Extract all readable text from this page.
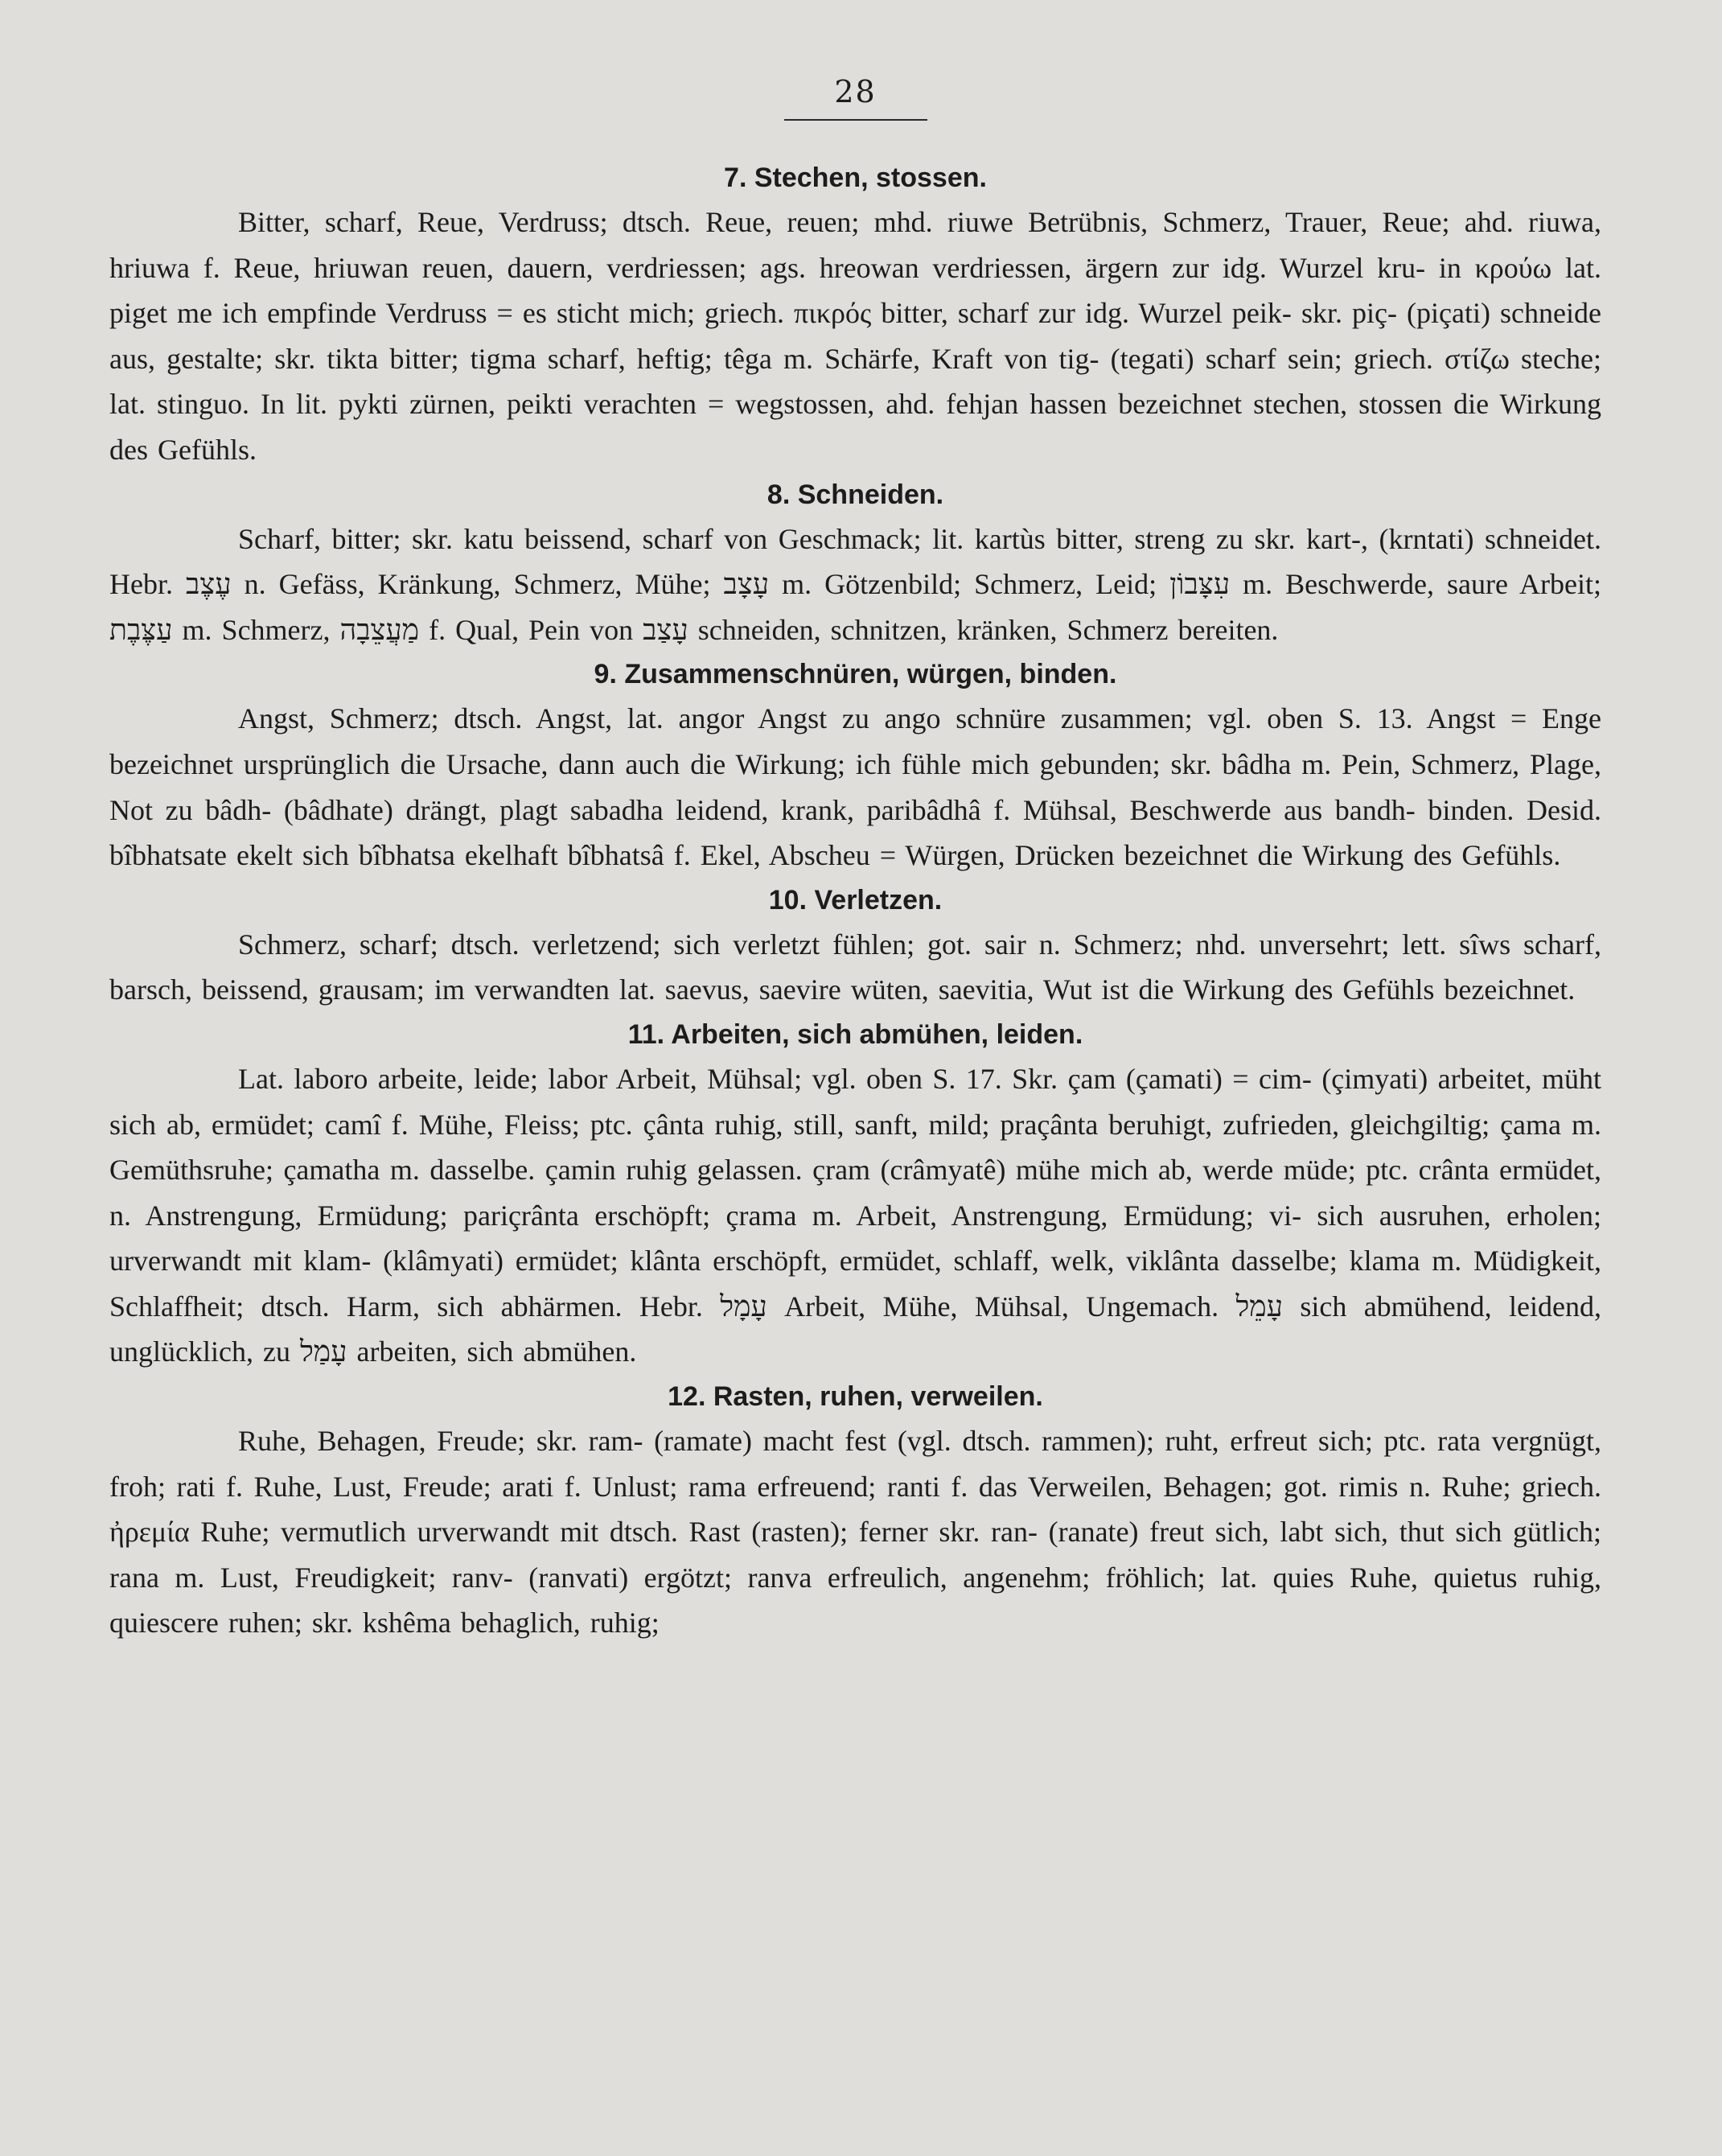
28
7. Stechen, stossen.

Bitter, scharf, Reue, Verdruss; dtsch. Reue, reuen; mhd. riuwe Betrübnis, Schmerz, Trauer, Reue; ahd. riuwa, hriuwa f. Reue, hriuwan reuen, dauern, verdriessen; ags. hreowan verdriessen, ärgern zur idg. Wurzel kru- in κρούω lat. piget me ich empfinde Verdruss = es sticht mich; griech. πικρός bitter, scharf zur idg. Wurzel peik- skr. piç- (piçati) schneide aus, gestalte; skr. tikta bitter; tigma scharf, heftig; têga m. Schärfe, Kraft von tig- (tegati) scharf sein; griech. στίζω steche; lat. stinguo. In lit. pykti zürnen, peikti verachten = wegstossen, ahd. fehjan hassen bezeichnet stechen, stossen die Wirkung des Gefühls.

8. Schneiden.

Scharf, bitter; skr. katu beissend, scharf von Geschmack; lit. kartùs bitter, streng zu skr. kart-, (krntati) schneidet. Hebr. עֶצֶב n. Gefäss, Kränkung, Schmerz, Mühe; עָצָב m. Götzenbild; Schmerz, Leid; עִצָּבוֹן m. Beschwerde, saure Arbeit; עַצֶּבֶת m. Schmerz, מַעֲצֵבָה f. Qual, Pein von עָצַב schneiden, schnitzen, kränken, Schmerz bereiten.

9. Zusammenschnüren, würgen, binden.

Angst, Schmerz; dtsch. Angst, lat. angor Angst zu ango schnüre zusammen; vgl. oben S. 13. Angst = Enge bezeichnet ursprünglich die Ursache, dann auch die Wirkung; ich fühle mich gebunden; skr. bâdha m. Pein, Schmerz, Plage, Not zu bâdh- (bâdhate) drängt, plagt sabadha leidend, krank, paribâdhâ f. Mühsal, Beschwerde aus bandh- binden. Desid. bîbhatsate ekelt sich bîbhatsa ekelhaft bîbhatsâ f. Ekel, Abscheu = Würgen, Drücken bezeichnet die Wirkung des Gefühls.

10. Verletzen.

Schmerz, scharf; dtsch. verletzend; sich verletzt fühlen; got. sair n. Schmerz; nhd. unversehrt; lett. sîws scharf, barsch, beissend, grausam; im verwandten lat. saevus, saevire wüten, saevitia, Wut ist die Wirkung des Gefühls bezeichnet.

11. Arbeiten, sich abmühen, leiden.

Lat. laboro arbeite, leide; labor Arbeit, Mühsal; vgl. oben S. 17. Skr. çam (çamati) = cim- (çimyati) arbeitet, müht sich ab, ermüdet; camî f. Mühe, Fleiss; ptc. çânta ruhig, still, sanft, mild; praçânta beruhigt, zufrieden, gleichgiltig; çama m. Gemüthsruhe; çamatha m. dasselbe. çamin ruhig gelassen. çram (crâmyatê) mühe mich ab, werde müde; ptc. crânta ermüdet, n. Anstrengung, Ermüdung; pariçrânta erschöpft; çrama m. Arbeit, Anstrengung, Ermüdung; vi- sich ausruhen, erholen; urverwandt mit klam- (klâmyati) ermüdet; klânta erschöpft, ermüdet, schlaff, welk, viklânta dasselbe; klama m. Müdigkeit, Schlaffheit; dtsch. Harm, sich abhärmen. Hebr. עָמָל Arbeit, Mühe, Mühsal, Ungemach. עָמֵל sich abmühend, leidend, unglücklich, zu עָמַל arbeiten, sich abmühen.

12. Rasten, ruhen, verweilen.

Ruhe, Behagen, Freude; skr. ram- (ramate) macht fest (vgl. dtsch. rammen); ruht, erfreut sich; ptc. rata vergnügt, froh; rati f. Ruhe, Lust, Freude; arati f. Unlust; rama erfreuend; ranti f. das Verweilen, Behagen; got. rimis n. Ruhe; griech. ἠρεμία Ruhe; vermutlich urverwandt mit dtsch. Rast (rasten); ferner skr. ran- (ranate) freut sich, labt sich, thut sich gütlich; rana m. Lust, Freudigkeit; ranv- (ranvati) ergötzt; ranva erfreulich, angenehm; fröhlich; lat. quies Ruhe, quietus ruhig, quiescere ruhen; skr. kshêma behaglich, ruhig;
